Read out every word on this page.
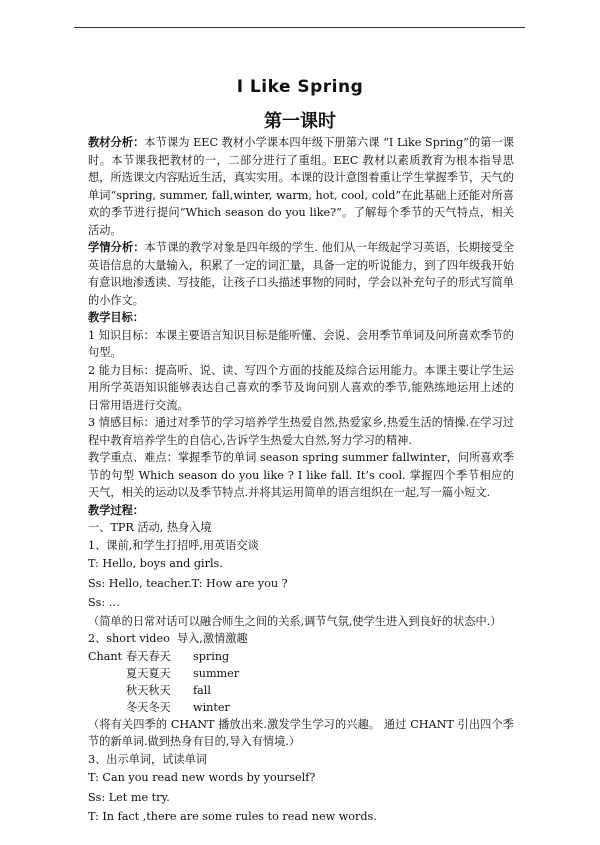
I Like Spring
第一课时

教材分析：本节课为 EEC 教材小学课本四年级下册第六课 “I Like Spring”的第一课时。本节课我把教材的一，二部分进行了重组。EEC 教材以素质教育为根本指导思想，所选课文内容贴近生活，真实实用。本课的设计意图着重让学生掌握季节，天气的单词“spring, summer, fall,winter, warm, hot, cool, cold”在此基础上还能对所喜欢的季节进行提问“Which season do you like?”。了解每个季节的天气特点，相关活动。

学情分析：本节课的教学对象是四年级的学生. 他们从一年级起学习英语，长期接受全英语信息的大量输入，积累了一定的词汇量，具备一定的听说能力，到了四年级我开始有意识地渗透读、写技能，让孩子口头描述事物的同时，学会以补充句子的形式写简单的小作文。

教学目标：

1 知识目标：本课主要语言知识目标是能听懂、会说、会用季节单词及问所喜欢季节的句型。

2 能力目标：提高听、说、读、写四个方面的技能及综合运用能力。本课主要让学生运用所学英语知识能够表达自己喜欢的季节及询问别人喜欢的季节,能熟练地运用上述的日常用语进行交流。

3 情感目标：通过对季节的学习培养学生热爱自然,热爱家乡,热爱生活的情操.在学习过程中教育培养学生的自信心,告诉学生热爱大自然,努力学习的精神.

教学重点、难点：掌握季节的单词 season spring summer fallwinter，问所喜欢季节的句型 Which season do you like ? I like fall. It’s cool. 掌握四个季节相应的天气，相关的运动以及季节特点.并将其运用简单的语言组织在一起,写一篇小短文.

教学过程：

一、TPR 活动, 热身入境

1、课前,和学生打招呼,用英语交谈

T: Hello, boys and girls.

Ss: Hello, teacher.T: How are you ?

Ss: …

（简单的日常对话可以融合师生之间的关系,调节气氛,使学生进入到良好的状态中.）

2、short video  导入,激情激趣

Chant 春天春天	spring
夏天夏天	summer
秋天秋天	fall
冬天冬天	winter

（将有关四季的 CHANT 播放出来.激发学生学习的兴趣。 通过 CHANT 引出四个季节的新单词.做到热身有目的,导入有情境.）

3、出示单词，试读单词

T: Can you read new words by yourself?

Ss: Let me try.

T: In fact ,there are some rules to read new words.
